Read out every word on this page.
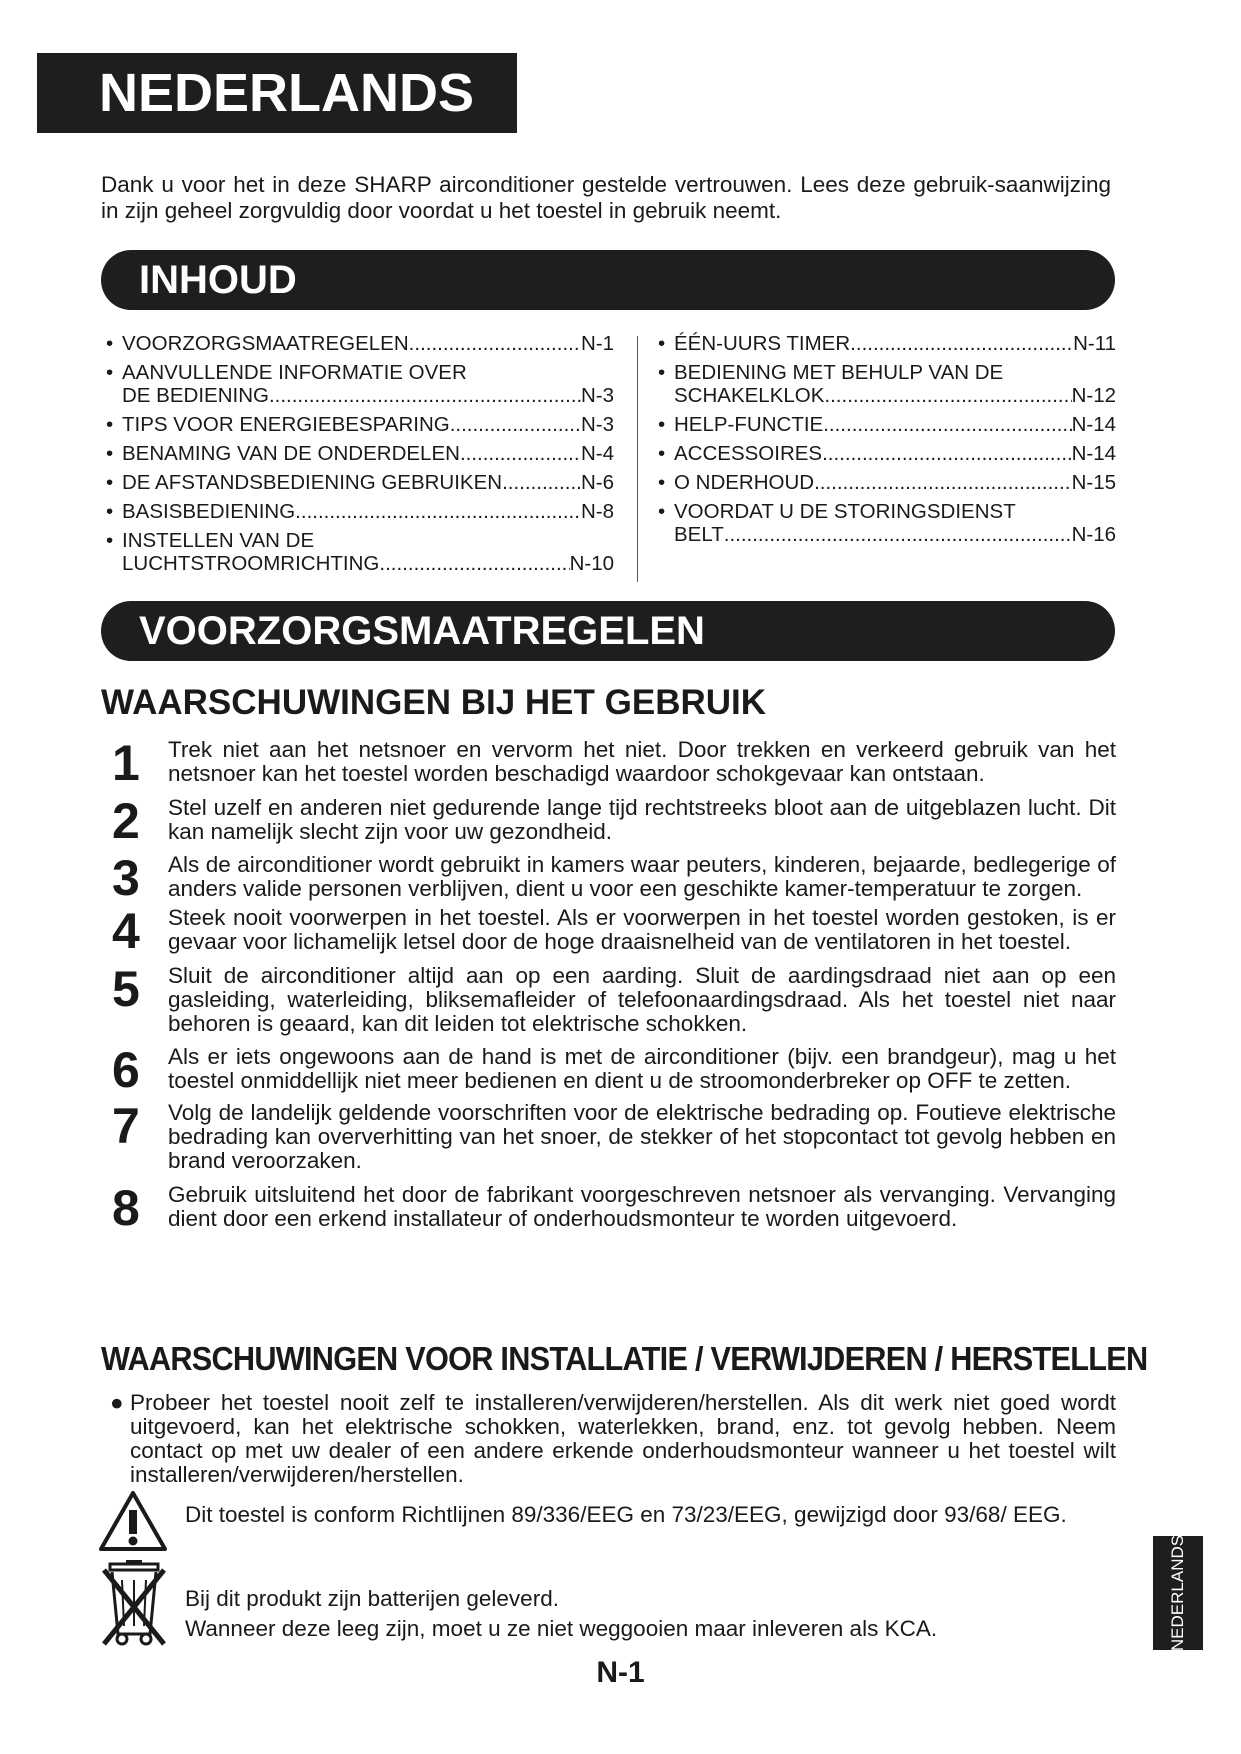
NEDERLANDS
Dank u voor het in deze SHARP airconditioner gestelde vertrouwen. Lees deze gebruik-saanwijzing in zijn geheel zorgvuldig door voordat u het toestel in gebruik neemt.
INHOUD
• VOORZORGSMAATREGELEN .....	N-1
• AANVULLENDE INFORMATIE OVER
DE BEDIENING .....	N-3
• TIPS VOOR ENERGIEBESPARING .....	N-3
• BENAMING VAN DE ONDERDELEN .....	N-4
• DE AFSTANDSBEDIENING GEBRUIKEN .....	N-6
• BASISBEDIENING .....	N-8
• INSTELLEN VAN DE
LUCHTSTROOMRICHTING .....	N-10
• ÉÉN-UURS TIMER .....	N-11
• BEDIENING MET BEHULP VAN DE
SCHAKELKLOK .....	N-12
• HELP-FUNCTIE .....	N-14
• ACCESSOIRES .....	N-14
• O NDERHOUD .....	N-15
• VOORDAT U DE STORINGSDIENST
BELT .....	N-16
VOORZORGSMAATREGELEN
WAARSCHUWINGEN BIJ HET GEBRUIK
1 Trek niet aan het netsnoer en vervorm het niet. Door trekken en verkeerd gebruik van het netsnoer kan het toestel worden beschadigd waardoor schokgevaar kan ontstaan.
2 Stel uzelf en anderen niet gedurende lange tijd rechtstreeks bloot aan de uitgeblazen lucht. Dit kan namelijk slecht zijn voor uw gezondheid.
3 Als de airconditioner wordt gebruikt in kamers waar peuters, kinderen, bejaarde, bedlegerige of anders valide personen verblijven, dient u voor een geschikte kamer-temperatuur te zorgen.
4 Steek nooit voorwerpen in het toestel. Als er voorwerpen in het toestel worden gestoken, is er gevaar voor lichamelijk letsel door de hoge draaisnelheid van de ventilatoren in het toestel.
5 Sluit de airconditioner altijd aan op een aarding. Sluit de aardingsdraad niet aan op een gasleiding, waterleiding, bliksemafleider of telefoonaardingsdraad. Als het toestel niet naar behoren is geaard, kan dit leiden tot elektrische schokken.
6 Als er iets ongewoons aan de hand is met de airconditioner (bijv. een brandgeur), mag u het toestel onmiddellijk niet meer bedienen en dient u de stroomonderbreker op OFF te zetten.
7 Volg de landelijk geldende voorschriften voor de elektrische bedrading op. Foutieve elektrische bedrading kan oververhitting van het snoer, de stekker of het stopcontact tot gevolg hebben en brand veroorzaken.
8 Gebruik uitsluitend het door de fabrikant voorgeschreven netsnoer als vervanging. Vervanging dient door een erkend installateur of onderhoudsmonteur te worden uitgevoerd.
WAARSCHUWINGEN VOOR INSTALLATIE / VERWIJDEREN / HERSTELLEN
● Probeer het toestel nooit zelf te installeren/verwijderen/herstellen. Als dit werk niet goed wordt uitgevoerd, kan het elektrische schokken, waterlekken, brand, enz. tot gevolg hebben. Neem contact op met uw dealer of een andere erkende onderhoudsmonteur wanneer u het toestel wilt installeren/verwijderen/herstellen.
Dit toestel is conform Richtlijnen 89/336/EEG en 73/23/EEG, gewijzigd door 93/68/ EEG.
Bij dit produkt zijn batterijen geleverd.
Wanneer deze leeg zijn, moet u ze niet weggooien maar inleveren als KCA.
N-1
NEDERLANDS
